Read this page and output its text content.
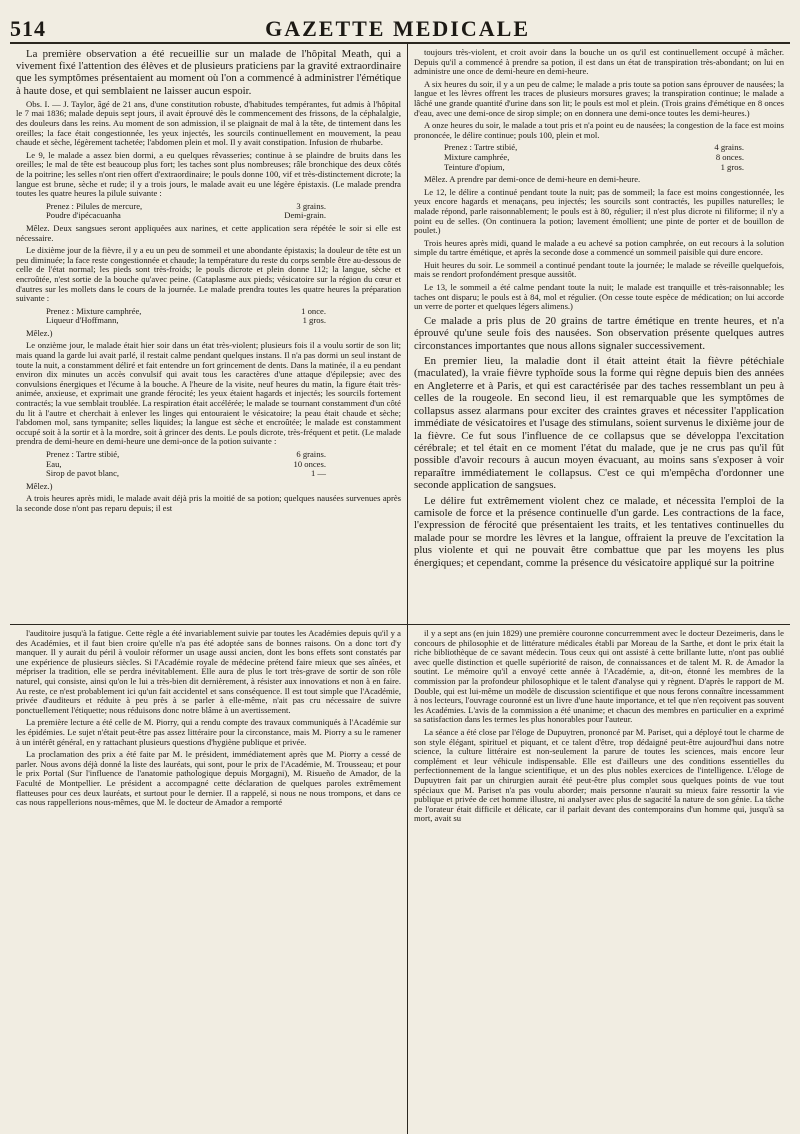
514	GAZETTE MEDICALE

La première observation a été recueillie sur un malade de l'hôpital Meath, qui a vivement fixé l'attention des élèves et de plusieurs praticiens par la gravité extraordinaire que les symptômes présentaient au moment où l'on a commencé à administrer l'émétique à haute dose, et qui semblaient ne laisser aucun espoir.

Obs. I. — J. Taylor, âgé de 21 ans, d'une constitution robuste, d'habitudes tempérantes, fut admis à l'hôpital le 7 mai 1836; malade depuis sept jours, il avait éprouvé dès le commencement des frissons, de la céphalalgie, des douleurs dans les reins. Au moment de son admission, il se plaignait de mal à la tête, de tintement dans les oreilles; la face était congestionnée, les yeux injectés, les sourcils continuellement en mouvement, la peau chaude et sèche, légèrement tachetée; l'abdomen plein et mol. Il y avait constipation. Infusion de rhubarbe.

Le 9, le malade a assez bien dormi, a eu quelques rêvasseries; continue à se plaindre de bruits dans les oreilles; le mal de tête est beaucoup plus fort; les taches sont plus nombreuses; râle bronchique des deux côtés de la poitrine; les selles n'ont rien offert d'extraordinaire; le pouls donne 100, vif et très-distinctement dicrote; la langue est brune, sèche et rude; il y a trois jours, le malade avait eu une légère épistaxis. (Le malade prendra toutes les quatre heures la pilule suivante :

Prenez : Pilules de mercure,	3 grains.
Poudre d'ipécacuanha	Demi-grain.

Mêlez. Deux sangsues seront appliquées aux narines, et cette application sera répétée le soir si elle est nécessaire.

Le dixième jour de la fièvre, il y a eu un peu de sommeil et une abondante épistaxis; la douleur de tête est un peu diminuée; la face reste congestionnée et chaude; la température du reste du corps semble être au-dessous de celle de l'état normal; les pieds sont très-froids; le pouls dicrote et plein donne 112; la langue, sèche et encroûtée, n'est sortie de la bouche qu'avec peine. (Cataplasme aux pieds; vésicatoire sur la région du cœur et d'autres sur les mollets dans le cours de la journée. Le malade prendra toutes les quatre heures la préparation suivante :

Prenez : Mixture camphrée,	1 once.
Liqueur d'Hoffmann,	1 gros.

Mêlez.)

Le onzième jour, le malade était hier soir dans un état très-violent; plusieurs fois il a voulu sortir de son lit; mais quand la garde lui avait parlé, il restait calme pendant quelques instans. Il n'a pas dormi un seul instant de toute la nuit, a constamment déliré et fait entendre un fort grincement de dents. Dans la matinée, il a eu pendant environ dix minutes un accès convulsif qui avait tous les caractères d'une attaque d'épilepsie; avec des convulsions énergiques et l'écume à la bouche. A l'heure de la visite, neuf heures du matin, la figure était très-animée, anxieuse, et exprimait une grande férocité; les yeux étaient hagards et injectés; les sourcils fortement contractés; la vue semblait troublée. La respiration était accélérée; le malade se tournant constamment d'un côté du lit à l'autre et cherchait à enlever les linges qui entouraient le vésicatoire; la peau était chaude et sèche; l'abdomen mol, sans tympanite; selles liquides; la langue est sèche et encroûtée; le malade est constamment occupé soit à la sortir et à la mordre, soit à grincer des dents. Le pouls dicrote, très-fréquent et petit. (Le malade prendra de demi-heure en demi-heure une demi-once de la potion suivante :

Prenez : Tartre stibié,	6 grains.
Eau,	10 onces.
Sirop de pavot blanc,	1 —

Mêlez.)

A trois heures après midi, le malade avait déjà pris la moitié de sa potion; quelques nausées survenues après la seconde dose n'ont pas reparu depuis; il est

toujours très-violent, et croit avoir dans la bouche un os qu'il est continuellement occupé à mâcher. Depuis qu'il a commencé à prendre sa potion, il est dans un état de transpiration très-abondant; on lui en administre une once de demi-heure en demi-heure.

A six heures du soir, il y a un peu de calme; le malade a pris toute sa potion sans éprouver de nausées; la langue et les lèvres offrent les traces de plusieurs morsures graves; la transpiration continue; le malade a lâché une grande quantité d'urine dans son lit; le pouls est mol et plein. (Trois grains d'émétique en 8 onces d'eau, avec une demi-once de sirop simple; on en donnera une demi-once toutes les demi-heures.)

A onze heures du soir, le malade a tout pris et n'a point eu de nausées; la congestion de la face est moins prononcée, le délire continue; pouls 100, plein et mol.

Prenez : Tartre stibié,	4 grains.
Mixture camphrée,	8 onces.
Teinture d'opium,	1 gros.

Mêlez. A prendre par demi-once de demi-heure en demi-heure.

Le 12, le délire a continué pendant toute la nuit; pas de sommeil; la face est moins congestionnée, les yeux encore hagards et menaçans, peu injectés; les sourcils sont contractés, les pupilles naturelles; le malade répond, parle raisonnablement; le pouls est à 80, régulier; il n'est plus dicrote ni filiforme; il n'y a point eu de selles. (On continuera la potion; lavement émollient; une pinte de porter et de bouillon de poulet.)

Trois heures après midi, quand le malade a eu achevé sa potion camphrée, on eut recours à la solution simple du tartre émétique, et après la seconde dose a commencé un sommeil paisible qui dure encore.

Huit heures du soir. Le sommeil a continué pendant toute la journée; le malade se réveille quelquefois, mais se rendort profondément presque aussitôt.

Le 13, le sommeil a été calme pendant toute la nuit; le malade est tranquille et très-raisonnable; les taches ont disparu; le pouls est à 84, mol et régulier. (On cesse toute espèce de médication; on lui accorde un verre de porter et quelques légers alimens.)

Ce malade a pris plus de 20 grains de tartre émétique en trente heures, et n'a éprouvé qu'une seule fois des nausées. Son observation présente quelques autres circonstances importantes que nous allons signaler successivement.

En premier lieu, la maladie dont il était atteint était la fièvre pétéchiale (maculated), la vraie fièvre typhoïde sous la forme qui règne depuis bien des années en Angleterre et à Paris, et qui est caractérisée par des taches ressemblant un peu à celles de la rougeole. En second lieu, il est remarquable que les symptômes de collapsus assez alarmans pour exciter des craintes graves et nécessiter l'application immédiate de vésicatoires et l'usage des stimulans, soient survenus le dixième jour de la fièvre. Ce fut sous l'influence de ce collapsus que se développa l'excitation cérébrale; et tel était en ce moment l'état du malade, que je ne crus pas qu'il fût possible d'avoir recours à aucun moyen évacuant, au moins sans s'exposer à voir reparaître immédiatement le collapsus. C'est ce qui m'empêcha d'ordonner une seconde application de sangsues.

Le délire fut extrêmement violent chez ce malade, et nécessita l'emploi de la camisole de force et la présence continuelle d'un garde. Les contractions de la face, l'expression de férocité que présentaient les traits, et les tentatives continuelles du malade pour se mordre les lèvres et la langue, offraient la preuve de l'excitation la plus violente et qui ne pouvait être combattue que par les moyens les plus énergiques; et cependant, comme la présence du vésicatoire appliqué sur la poitrine

l'auditoire jusqu'à la fatigue. Cette règle a été invariablement suivie par toutes les Académies depuis qu'il y a des Académies, et il faut bien croire qu'elle n'a pas été adoptée sans de bonnes raisons. On a donc tort d'y manquer. Il y aurait du péril à vouloir réformer un usage aussi ancien, dont les bons effets sont constatés par une expérience de plusieurs siècles. Si l'Académie royale de médecine prétend faire mieux que ses aînées, et mépriser la tradition, elle se perdra inévitablement. Elle aura de plus le tort très-grave de sortir de son rôle naturel, qui consiste, ainsi qu'on le lui a très-bien dit dernièrement, à résister aux innovations et non à en faire. Au reste, ce n'est probablement ici qu'un fait accidentel et sans conséquence. Il est tout simple que l'Académie, privée d'auditeurs et réduite à peu près à se parler à elle-même, n'ait pas cru nécessaire de suivre ponctuellement l'étiquette; nous réduisons donc notre blâme à un avertissement.

La première lecture a été celle de M. Piorry, qui a rendu compte des travaux communiqués à l'Académie sur les épidémies. Le sujet n'était peut-être pas assez littéraire pour la circonstance, mais M. Piorry a su le ramener à un intérêt général, en y rattachant plusieurs questions d'hygiène publique et privée.

La proclamation des prix a été faite par M. le président, immédiatement après que M. Piorry a cessé de parler. Nous avons déjà donné la liste des lauréats, qui sont, pour le prix de l'Académie, M. Trousseau; et pour le prix Portal (Sur l'influence de l'anatomie pathologique depuis Morgagni), M. Risueño de Amador, de la Faculté de Montpellier. Le président a accompagné cette déclaration de quelques paroles extrêmement flatteuses pour ces deux lauréats, et surtout pour le dernier. Il a rappelé, si nous ne nous trompons, et dans ce cas nous rappellerions nous-mêmes, que M. le docteur de Amador a remporté

il y a sept ans (en juin 1829) une première couronne concurremment avec le docteur Dezeimeris, dans le concours de philosophie et de littérature médicales établi par Moreau de la Sarthe, et dont le prix était la riche bibliothèque de ce savant médecin. Tous ceux qui ont assisté à cette brillante lutte, n'ont pas oublié avec quelle distinction et quelle supériorité de raison, de connaissances et de talent M. R. de Amador la soutint. Le mémoire qu'il a envoyé cette année à l'Académie, a, dit-on, étonné les membres de la commission par la profondeur philosophique et le talent d'analyse qui y règnent. D'après le rapport de M. Double, qui est lui-même un modèle de discussion scientifique et que nous ferons connaître incessamment à nos lecteurs, l'ouvrage couronné est un livre d'une haute importance, et tel que n'en reçoivent pas souvent les Académies. L'avis de la commission a été unanime; et chacun des membres en particulier en a exprimé sa satisfaction dans les termes les plus honorables pour l'auteur.

La séance a été close par l'éloge de Dupuytren, prononcé par M. Pariset, qui a déployé tout le charme de son style élégant, spirituel et piquant, et ce talent d'être, trop dédaigné peut-être aujourd'hui dans notre science, la culture littéraire est non-seulement la parure de toutes les sciences, mais encore leur complément et leur véhicule indispensable. Elle est d'ailleurs une des conditions essentielles du perfectionnement de la langue scientifique, et un des plus nobles exercices de l'intelligence. L'éloge de Dupuytren fait par un chirurgien aurait été peut-être plus complet sous quelques points de vue tout spéciaux que M. Pariset n'a pas voulu aborder; mais personne n'aurait su mieux faire ressortir la vie publique et privée de cet homme illustre, ni analyser avec plus de sagacité la nature de son génie. La tâche de l'orateur était difficile et délicate, car il parlait devant des contemporains d'un homme qui, jusqu'à sa mort, avait su
